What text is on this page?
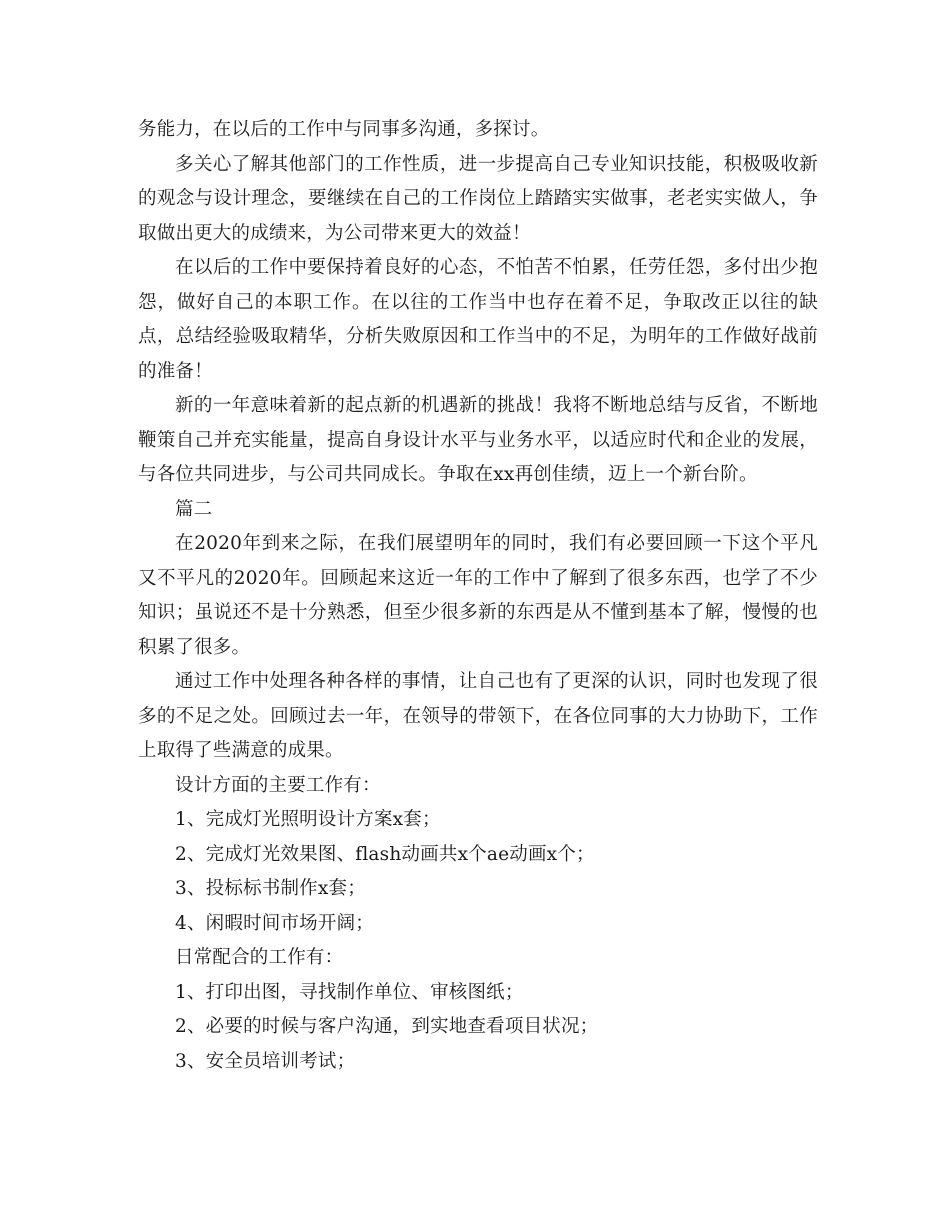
务能力，在以后的工作中与同事多沟通，多探讨。

多关心了解其他部门的工作性质，进一步提高自己专业知识技能，积极吸收新的观念与设计理念，要继续在自己的工作岗位上踏踏实实做事，老老实实做人，争取做出更大的成绩来，为公司带来更大的效益！

在以后的工作中要保持着良好的心态，不怕苦不怕累，任劳任怨，多付出少抱怨，做好自己的本职工作。在以往的工作当中也存在着不足，争取改正以往的缺点，总结经验吸取精华，分析失败原因和工作当中的不足，为明年的工作做好战前的准备！

新的一年意味着新的起点新的机遇新的挑战！我将不断地总结与反省，不断地鞭策自己并充实能量，提高自身设计水平与业务水平，以适应时代和企业的发展，与各位共同进步，与公司共同成长。争取在xx再创佳绩，迈上一个新台阶。

篇二

在2020年到来之际，在我们展望明年的同时，我们有必要回顾一下这个平凡又不平凡的2020年。回顾起来这近一年的工作中了解到了很多东西，也学了不少知识；虽说还不是十分熟悉，但至少很多新的东西是从不懂到基本了解，慢慢的也积累了很多。

通过工作中处理各种各样的事情，让自己也有了更深的认识，同时也发现了很多的不足之处。回顾过去一年，在领导的带领下，在各位同事的大力协助下，工作上取得了些满意的成果。

设计方面的主要工作有：

1、完成灯光照明设计方案x套；

2、完成灯光效果图、flash动画共x个ae动画x个；

3、投标标书制作x套；

4、闲暇时间市场开阔；

日常配合的工作有：

1、打印出图，寻找制作单位、审核图纸；

2、必要的时候与客户沟通，到实地查看项目状况；

3、安全员培训考试；
